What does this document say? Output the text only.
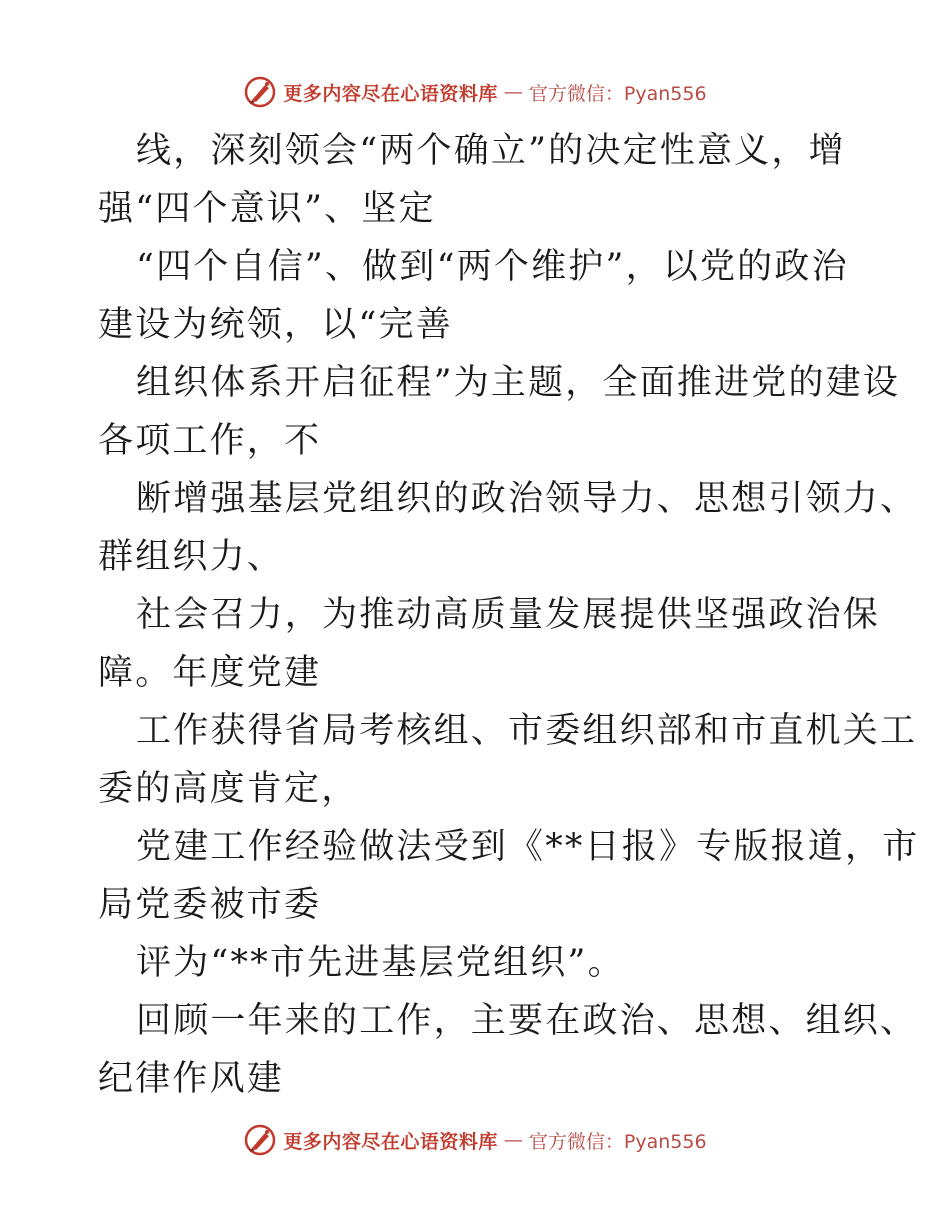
更多内容尽在心语资料库 — 官方微信：Pyan556
线，深刻领会“两个确立”的决定性意义，增
强“四个意识”、坚定
“四个自信”、做到“两个维护”，以党的政治
建设为统领，以“完善
组织体系开启征程”为主题，全面推进党的建设
各项工作，不
断增强基层党组织的政治领导力、思想引领力、
群组织力、
社会召力，为推动高质量发展提供坚强政治保
障。年度党建
工作获得省局考核组、市委组织部和市直机关工
委的高度肯定，
党建工作经验做法受到《**日报》专版报道，市
局党委被市委
评为“**市先进基层党组织”。
回顾一年来的工作，主要在政治、思想、组织、
纪律作风建
更多内容尽在心语资料库 — 官方微信：Pyan556
